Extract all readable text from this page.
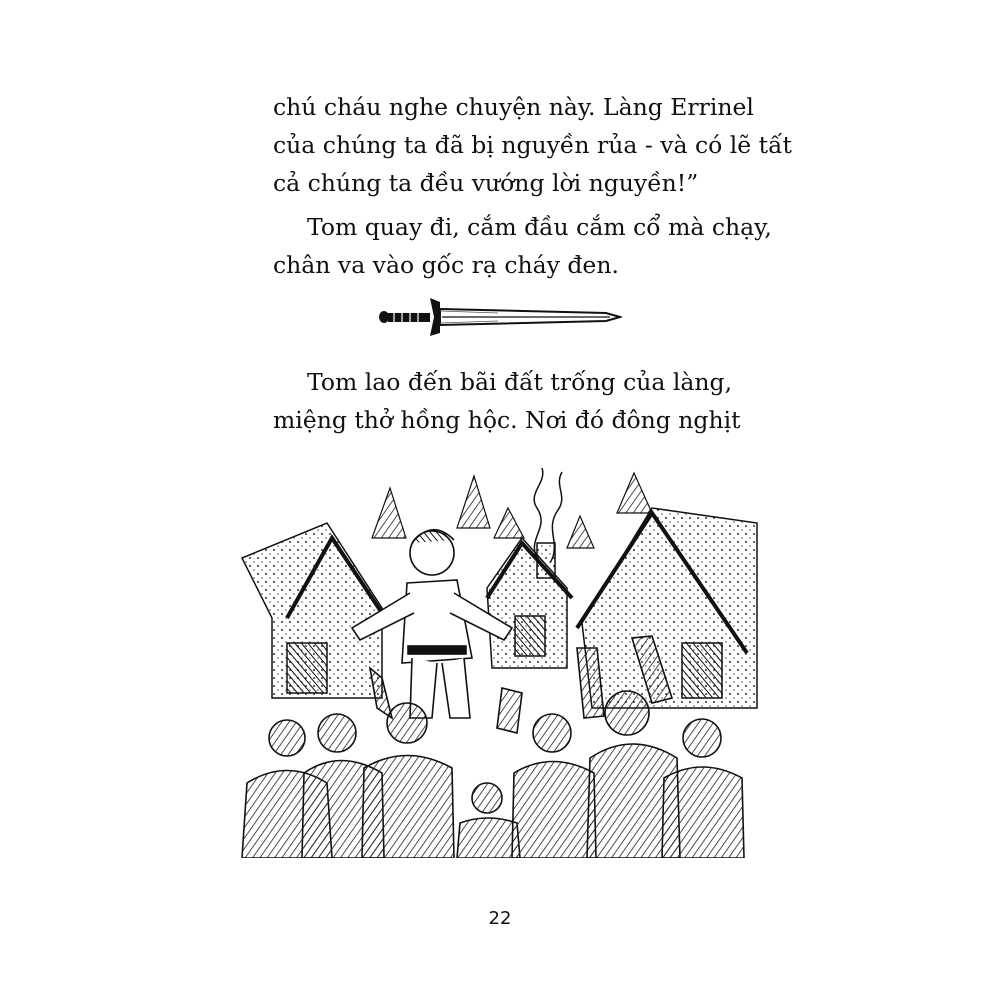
chú cháu nghe chuyện này. Làng Errinel
của chúng ta đã bị nguyền rủa - và có lẽ tất
cả chúng ta đều vướng lời nguyền!”
Tom quay đi, cắm đầu cắm cổ mà chạy,
chân va vào gốc rạ cháy đen.
Tom lao đến bãi đất trống của làng,
miệng thở hồng hộc. Nơi đó đông nghịt
22
